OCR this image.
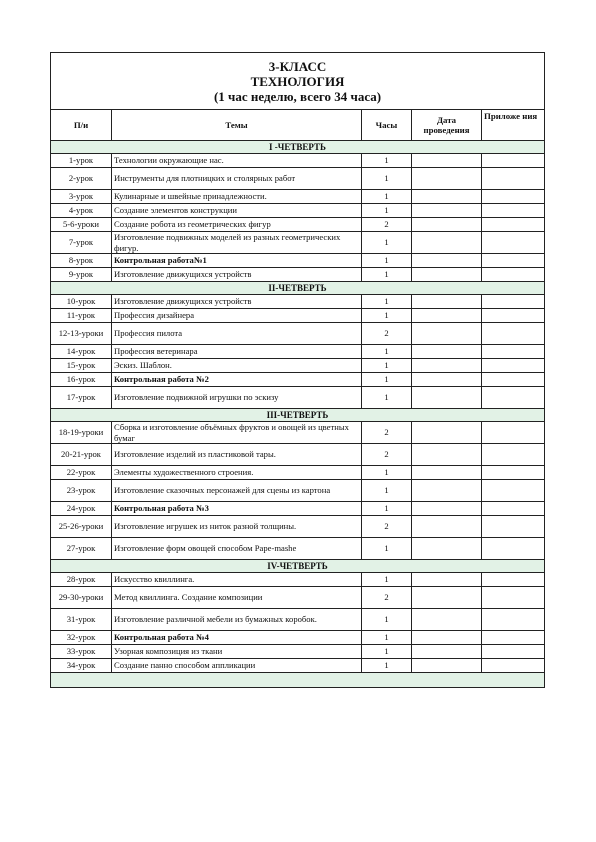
3-КЛАСС
ТЕХНОЛОГИЯ
(1 час неделю, всего 34 часа)				

П/и	Темы	Часы	Дата проведения	Приложе ния
I -ЧЕТВЕРТЬ				
1-урок	Технологии окружающие нас.	1		
2-урок	Инструменты для плотницких и столярных работ	1		
3-урок	Кулинарные и швейные принадлежности.	1		
4-урок	Создание элементов конструкции	1		
5-6-уроки	Создание робота из геометрических фигур	2		
7-урок	Изготовление подвижных моделей из разных геометрических фигур.	1		
8-урок	Контрольная работа№1	1		
9-урок	Изготовление движущихся устройств	1		
II-ЧЕТВЕРТЬ				
10-урок	Изготовление движущихся устройств	1		
11-урок	Профессия дизайнера	1		
12-13-уроки	Профессия пилота	2		
14-урок	Профессия ветеринара	1		
15-урок	Эскиз. Шаблон.	1		
16-урок	Контрольная работа №2	1		
17-урок	Изготовление подвижной игрушки по эскизу	1		
III-ЧЕТВЕРТЬ				
18-19-уроки	Сборка и изготовление объёмных фруктов и овощей из цветных бумаг	2		
20-21-урок	Изготовление изделий из пластиковой тары.	2		
22-урок	Элементы художественного строения.	1		
23-урок	Изготовление сказочных персонажей для сцены из картона	1		
24-урок	Контрольная работа №3	1		
25-26-уроки	Изготовление игрушек из ниток разной толщины.	2		
27-урок	Изготовление форм овощей способом Pape-mashe	1		
IV-ЧЕТВЕРТЬ				
28-урок	Искусство квиллинга.	1		
29-30-уроки	Метод квиллинга. Создание композиции	2		
31-урок	Изготовление различной мебели из бумажных коробок.	1		
32-урок	Контрольная работа №4	1		
33-урок	Узорная композиция из ткани	1		
34-урок	Создание панно способом аппликации	1		
